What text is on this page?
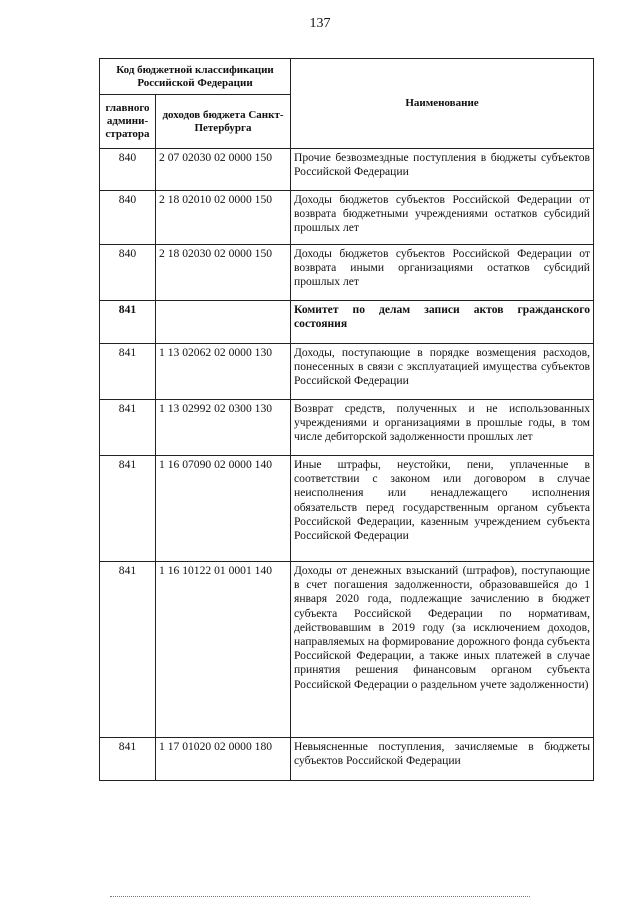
137
Код бюджетной классификации Российской Федерации		Наименование
главного админи- стратора	доходов бюджета Санкт-Петербурга	
840	2 07 02030 02 0000 150	Прочие безвозмездные поступления в бюджеты субъектов Российской Федерации
840	2 18 02010 02 0000 150	Доходы бюджетов субъектов Российской Федерации от возврата бюджетными учреждениями остатков субсидий прошлых лет
840	2 18 02030 02 0000 150	Доходы бюджетов субъектов Российской Федерации от возврата иными организациями остатков субсидий прошлых лет
841		Комитет по делам записи актов гражданского состояния
841	1 13 02062 02 0000 130	Доходы, поступающие в порядке возмещения расходов, понесенных в связи с эксплуатацией имущества субъектов Российской Федерации
841	1 13 02992 02 0300 130	Возврат средств, полученных и не использованных учреждениями и организациями в прошлые годы, в том числе дебиторской задолженности прошлых лет
841	1 16 07090 02 0000 140	Иные штрафы, неустойки, пени, уплаченные в соответствии с законом или договором в случае неисполнения или ненадлежащего исполнения обязательств перед государственным органом субъекта Российской Федерации, казенным учреждением субъекта Российской Федерации
841	1 16 10122 01 0001 140	Доходы от денежных взысканий (штрафов), поступающие в счет погашения задолженности, образовавшейся до 1 января 2020 года, подлежащие зачислению в бюджет субъекта Российской Федерации по нормативам, действовавшим в 2019 году (за исключением доходов, направляемых на формирование дорожного фонда субъекта Российской Федерации, а также иных платежей в случае принятия решения финансовым органом субъекта Российской Федерации о раздельном учете задолженности)
841	1 17 01020 02 0000 180	Невыясненные поступления, зачисляемые в бюджеты субъектов Российской Федерации
